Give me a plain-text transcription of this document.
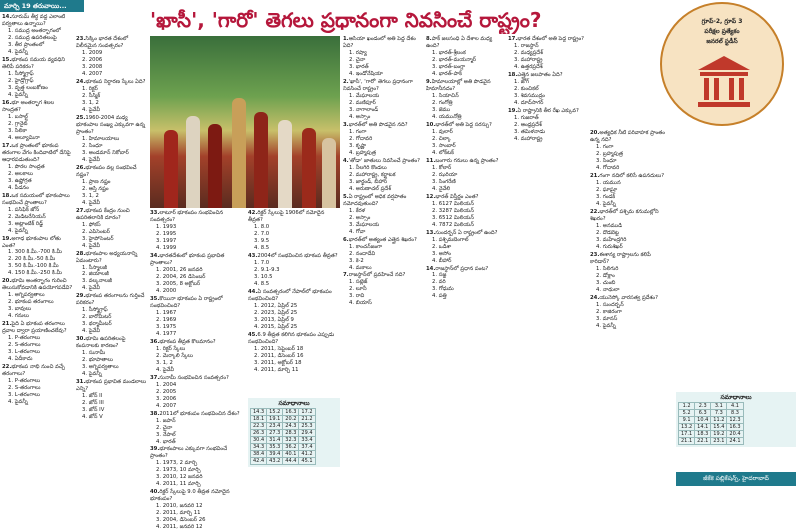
మార్చి 19 తరువాయి...
'ఖాసీ', 'గారో' తెగలు ప్రధానంగా నివసించే రాష్ట్రం?	గ్రూప్-2, గ్రూప్ 3
పరీక్షల ప్రత్యేకం
జనరల్ స్టడీస్
14.సూరుమ్ తీర్థ వద్ద ఎలాంటి పర్వతాలు ఉన్నాయి?
1. సముద్ర అంతర్భాగంలో
2. సముద్ర ఉపరితలంపై
3. తీర ప్రాంతంలో
4. పైవన్నీ
15.భూకంప సమయ వ్యవధిని తెలిపే పరికరం?
1. సీస్మోగ్రాఫ్
2. హైడ్రోగ్రాఫ్
3. వృత్త లంబకోణం
4. పైవన్నీ
16.భూ అంతర్భాగ శిలల సాంద్రత?
1. బసాల్ట్
2. గ్రానైట్
3. సిలికా
4. అల్యూమినా
17.ఒక ప్రాంతంలో భూకంప తరంగాల వేగం కిందివాటిలో దేనిపై ఆధారపడుతుంది?
1. పొరల సాంద్రత
2. అలకాలు
3. ఉష్ణోగ్రత
4. పీడనం
18.ఒక సమయంలో భూకంపాలు సంభవించే ప్రాంతాలు?
1. పసిఫిక్ జోన్
2. మెడిటరేనియన్
3. అట్లాంటిక్ రిడ్జ్
4. పైవన్నీ
19.అగాధ భూకంపాల లోతు ఎంత?
1. 300 కి.మీ.-700 కి.మీ
2. 20 కి.మీ.-50 కి.మీ
3. 50 కి.మీ.-100 కి.మీ
4. 150 కి.మీ.-250 కి.మీ
20.భూమి అంతర్భాగం గురించి తెలుసుకోవడానికి ఉపయోగపడేవి?
1. అగ్నిపర్వతాలు
2. భూకంప తరంగాలు
3. బావులు
4. గనులు
21.పైది ఏ భూకంప తరంగాలు ద్రవాల ద్వారా ప్రయాణించలేవు?
1. P-తరంగాలు
2. S-తరంగాలు
3. L-తరంగాలు
4. ఏదీకాదు
22.భూకంప నాభి నుంచి వచ్చే తరంగాలు?
1. P-తరంగాలు
2. S-తరంగాలు
3. L-తరంగాలు
4. పైవన్నీ
23.సిక్కిం భారత దేశంలో విలీనమైన సంవత్సరం?
1. 2009
2. 2006
3. 2008
4. 2007
24.భూకంప నిర్ధారణ స్కేలు ఏది?
1. రిక్టర్
2. సీస్మిక్
3. 1, 2
4. పైవేవీ
25.1960-2004 మధ్య భూకంపాల సంఖ్య ఎక్కువగా ఉన్న ప్రాంతం?
1. హిమాలయాలు
2. సింధూ
3. అండమాన్ నికోబార్
4. పైవేవీ
26.భూకంపం వల్ల సంభవించే నష్టం?
1. ప్రాణ నష్టం
2. ఆస్తి నష్టం
3. 1, 2
4. పైవేవీ
27.భూకంప కేంద్రం నుంచి ఉపరితలానికి దూరం?
1. ఫోకస్
2. ఎపిసెంటర్
3. హైపోసెంటర్
4. పైవేవీ
28.భూకంపాల అధ్యయనాన్ని ఏమంటారు?
1. సీస్మాలజీ
2. జియాలజీ
3. వల్కనాలజీ
4. పైవేవీ
29.భూకంప తరంగాలను గుర్తించే పరికరం?
1. సీస్మోగ్రాఫ్
2. బారోమీటర్
3. థర్మామీటర్
4. పైవేవీ
30.భూమి ఉపరితలంపై కంపనాలకు కారణం?
1. సునామీ
2. భూపాతాలు
3. అగ్నిపర్వతాలు
4. పైవన్నీ
31.భూకంప ప్రభావిత మండలాలు ఎన్ని?
1. జోన్ II
2. జోన్ III
3. జోన్ IV
4. జోన్ V
33.లాటూర్ భూకంపం సంభవించిన సంవత్సరం?
1. 1993
2. 1995
3. 1997
4. 1999
34.భారతదేశంలో భూకంప ప్రభావిత ప్రాంతాలు?
1. 2001, 26 జనవరి
2. 2004, 26 డిసెంబర్
3. 2005, 8 అక్టోబర్
4. 2000
35.కొయినా భూకంపం ఏ రాష్ట్రంలో సంభవించింది?
1. 1967
2. 1969
3. 1975
4. 1977
36.భూకంప తీవ్రత కొలమానం?
1. రిక్టర్ స్కేలు
2. మెర్కాలి స్కేలు
3. 1, 2
4. పైవేవీ
37.సునామీ సంభవించిన సంవత్సరం?
1. 2004
2. 2005
3. 2006
4. 2007
38.2011లో భూకంపం సంభవించిన దేశం?
1. జపాన్
2. చైనా
3. నేపాల్
4. భారత్
39.భూకంపాలు ఎక్కువగా సంభవించే ప్రాంతం?
1. 1973, 2 మార్చి
2. 1973, 10 మార్చి
3. 2010, 12 జనవరి
4. 2011, 11 మార్చి
40.రిక్టర్ స్కేలుపై 9.0 తీవ్రత నమోదైన భూకంపం?
1. 2010, జనవరి 12
2. 2011, మార్చి 11
3. 2004, డిసెంబర్ 26
4. 2011, జనవరి 12
42.రిక్టర్ స్కేలుపై 1906లో నమోదైన తీవ్రత?
1. 8.0
2. 7.0
3. 9.5
4. 8.5
43.2004లో సంభవించిన భూకంప తీవ్రత?
1. 7.0
2. 9.1-9.3
3. 10.5
4. 8.5
44.ఏ సంవత్సరంలో నేపాల్‌లో భూకంపం సంభవించింది?
1. 2012, ఏప్రిల్ 25
2. 2023, ఏప్రిల్ 25
3. 2013, ఏప్రిల్ 9
4. 2015, ఏప్రిల్ 25
45.6.9 తీవ్రత కలిగిన భూకంపం ఎప్పుడు సంభవించింది?
1. 2011, సెప్టెంబర్ 18
2. 2011, డిసెంబర్ 16
3. 2011, అక్టోబర్ 18
4. 2011, మార్చి 11
1.ఆసియా ఖండంలో అతి పెద్ద దేశం ఏది?
1. రష్యా
2. చైనా
3. భారత్
4. ఇండోనేషియా
2.'ఖాసీ', 'గారో' తెగలు ప్రధానంగా నివసించే రాష్ట్రం?
1. మేఘాలయ
2. మణిపూర్
3. నాగాలాండ్
4. అస్సాం
3.భారత్‌లో అతి పొడవైన నది?
1. గంగా
2. గోదావరి
3. కృష్ణా
4. బ్రహ్మపుత్ర
4.'తోడా' జాతులు నివసించే ప్రాంతం?
1. నీలగిరి కొండలు
2. మహారాష్ట్ర, కర్ణాటక
3. జార్ఖండ్, బీహార్
4. అరుణాచల్ ప్రదేశ్
5.ఏ రాష్ట్రంలో అధిక వర్షపాతం నమోదవుతుంది?
1. కేరళ
2. అస్సాం
3. మేఘాలయ
4. గోవా
6.భారత్‌లో అత్యంత ఎత్తైన శిఖరం?
1. కాంచన్‌జంగా
2. నందాదేవి
3. కె-2
4. మకాలు
7.రాజస్థాన్‌లో ప్రవహించే నది?
1. సట్లెజ్
2. లూనీ
3. రావి
4. బియాస్
8.పాక్ జలసంధి ఏ దేశాల మధ్య ఉంది?
1. భారత్-శ్రీలంక
2. భారత్-మయన్మార్
3. భారత్-బంగ్లా
4. భారత్-పాక్
9.హిమాలయాల్లో అతి పొడవైన హిమానీనదం?
1. సియాచిన్
2. గంగోత్రి
3. జెము
4. యమునోత్రి
10.భారత్‌లో అతి పెద్ద సరస్సు?
1. వులార్
2. చిల్కా
3. సాంబార్
4. లోక్‌టక్
11.బంగారు గనులు ఉన్న ప్రాంతం?
1. కోలార్
2. ఝరియా
3. సింగరేణి
4. నైవేలి
12.భారత్ విస్తీర్ణం ఎంత?
1. 6127 మిలియన్
2. 3287 మిలియన్
3. 6512 మిలియన్
4. 7872 మిలియన్
13.సుందర్బన్ ఏ రాష్ట్రంలో ఉంది?
1. పశ్చిమబెంగాల్
2. ఒడిశా
3. అసోం
4. బీహార్
14.రాజస్థాన్‌లో ప్రధాన పంట?
1. సజ్జ
2. వరి
3. గోధుమ
4. పత్తి
17.భారత దేశంలో అతి పెద్ద రాష్ట్రం?
1. రాజస్థాన్
2. మధ్యప్రదేశ్
3. మహారాష్ట్ర
4. ఉత్తరప్రదేశ్
18.ఎత్తైన జలపాతం ఏది?
1. జోగ్
2. కుంచికల్
3. శివసముద్రం
4. దూద్‌సాగర్
19.ఏ రాష్ట్రానికి తీర రేఖ ఎక్కువ?
1. గుజరాత్
2. ఆంధ్రప్రదేశ్
3. తమిళనాడు
4. మహారాష్ట్ర
20.అత్యధిక నీటి పరివాహక ప్రాంతం ఉన్న నది?
1. గంగా
2. బ్రహ్మపుత్ర
3. సింధూ
4. గోదావరి
21.గంగా నదిలో కలిసే ఉపనదులు?
1. యమున
2. ఘాఘ్రా
3. గండక్
4. పైవన్నీ
22.భారత్‌లో పశ్చిమ కనుమల్లోని శిఖరం?
1. అనముడి
2. దొడబెట్ట
3. మహేంద్రగిరి
4. గురుశిఖర్
23.ఈశాన్య రాష్ట్రాలను కలిపే కారిడార్?
1. సిలిగురి
2. డోక్లాం
3. చుంబి
4. నాథులా
24.యునెస్కో వారసత్వ ప్రదేశం?
1. సుందర్బన్
2. కాజిరంగా
3. మానస్
4. పైవన్నీ
సమాధానాలు
14.3	15.2	16.3	17.2
18.1	19.1	20.2	21.2
22.3	23.4	24.3	25.3
26.3	27.3	28.3	29.4
30.4	31.4	32.3	33.4
34.3	35.3	36.2	37.4
38.4	39.4	40.1	41.2
42.4	43.2	44.4	45.1
సమాధానాలు
1.2	2.3	3.1	4.1
5.2	6.3	7.3	8.3
9.1	10.4	11.2	12.3
13.2	14.1	15.4	16.3
17.1	18.3	19.2	20.4
21.1	22.1	23.1	24.1
జీకేకె పబ్లికేషన్స్, హైదరాబాద్
